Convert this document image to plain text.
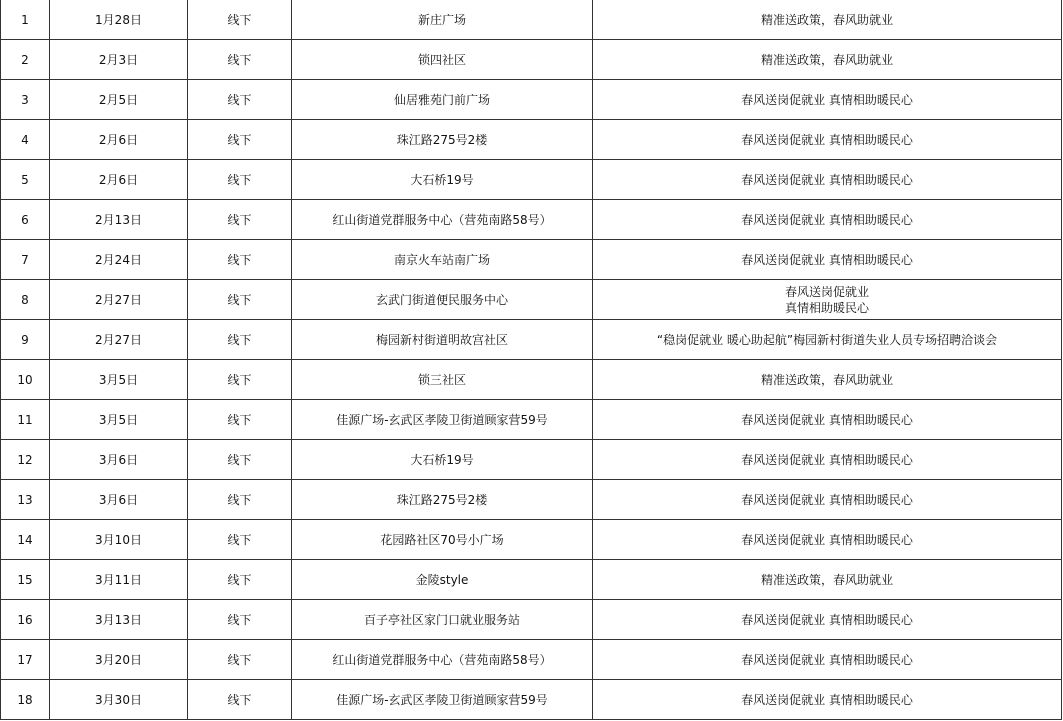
1	1月28日	线下	新庄广场	精准送政策，春风助就业

2	2月3日	线下	锁四社区	精准送政策，春风助就业

3	2月5日	线下	仙居雅苑门前广场	春风送岗促就业 真情相助暖民心

4	2月6日	线下	珠江路275号2楼	春风送岗促就业 真情相助暖民心

5	2月6日	线下	大石桥19号	春风送岗促就业 真情相助暖民心

6	2月13日	线下	红山街道党群服务中心（营苑南路58号）	春风送岗促就业 真情相助暖民心

7	2月24日	线下	南京火车站南广场	春风送岗促就业 真情相助暖民心

8	2月27日	线下	玄武门街道便民服务中心	春风送岗促就业
真情相助暖民心

9	2月27日	线下	梅园新村街道明故宫社区	“稳岗促就业 暖心助起航”梅园新村街道失业人员专场招聘洽谈会

10	3月5日	线下	锁三社区	精准送政策，春风助就业

11	3月5日	线下	佳源广场-玄武区孝陵卫街道顾家营59号	春风送岗促就业 真情相助暖民心

12	3月6日	线下	大石桥19号	春风送岗促就业 真情相助暖民心

13	3月6日	线下	珠江路275号2楼	春风送岗促就业 真情相助暖民心

14	3月10日	线下	花园路社区70号小广场	春风送岗促就业 真情相助暖民心

15	3月11日	线下	金陵style	精准送政策，春风助就业

16	3月13日	线下	百子亭社区家门口就业服务站	春风送岗促就业 真情相助暖民心

17	3月20日	线下	红山街道党群服务中心（营苑南路58号）	春风送岗促就业 真情相助暖民心

18	3月30日	线下	佳源广场-玄武区孝陵卫街道顾家营59号	春风送岗促就业 真情相助暖民心
